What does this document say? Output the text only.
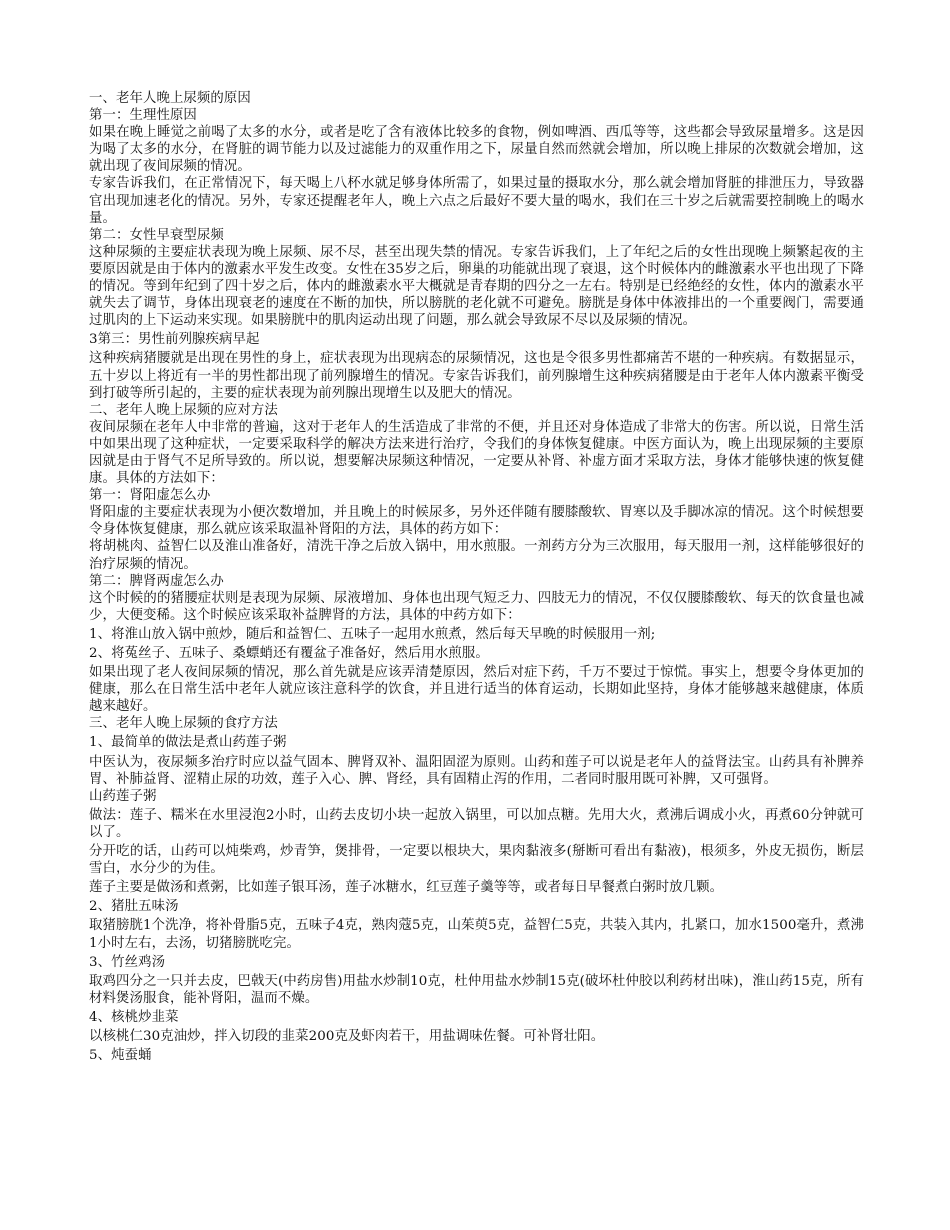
一、老年人晚上尿频的原因

第一：生理性原因

如果在晚上睡觉之前喝了太多的水分，或者是吃了含有液体比较多的食物，例如啤酒、西瓜等等，这些都会导致尿量增多。这是因为喝了太多的水分，在肾脏的调节能力以及过滤能力的双重作用之下，尿量自然而然就会增加，所以晚上排尿的次数就会增加，这就出现了夜间尿频的情况。

专家告诉我们，在正常情况下，每天喝上八杯水就足够身体所需了，如果过量的摄取水分，那么就会增加肾脏的排泄压力，导致器官出现加速老化的情况。另外，专家还提醒老年人，晚上六点之后最好不要大量的喝水，我们在三十岁之后就需要控制晚上的喝水量。

第二：女性早衰型尿频

这种尿频的主要症状表现为晚上尿频、尿不尽，甚至出现失禁的情况。专家告诉我们，上了年纪之后的女性出现晚上频繁起夜的主要原因就是由于体内的激素水平发生改变。女性在35岁之后，卵巢的功能就出现了衰退，这个时候体内的雌激素水平也出现了下降的情况。等到年纪到了四十岁之后，体内的雌激素水平大概就是青春期的四分之一左右。特别是已经绝经的女性，体内的激素水平就失去了调节，身体出现衰老的速度在不断的加快，所以膀胱的老化就不可避免。膀胱是身体中体液排出的一个重要阀门，需要通过肌肉的上下运动来实现。如果膀胱中的肌肉运动出现了问题，那么就会导致尿不尽以及尿频的情况。

3第三：男性前列腺疾病早起

这种疾病猪腰就是出现在男性的身上，症状表现为出现病态的尿频情况，这也是令很多男性都痛苦不堪的一种疾病。有数据显示，五十岁以上将近有一半的男性都出现了前列腺增生的情况。专家告诉我们，前列腺增生这种疾病猪腰是由于老年人体内激素平衡受到打破等所引起的，主要的症状表现为前列腺出现增生以及肥大的情况。

二、老年人晚上尿频的应对方法

夜间尿频在老年人中非常的普遍，这对于老年人的生活造成了非常的不便，并且还对身体造成了非常大的伤害。所以说，日常生活中如果出现了这种症状，一定要采取科学的解决方法来进行治疗，令我们的身体恢复健康。中医方面认为，晚上出现尿频的主要原因就是由于肾气不足所导致的。所以说，想要解决尿频这种情况，一定要从补肾、补虚方面才采取方法，身体才能够快速的恢复健康。具体的方法如下：

第一：肾阳虚怎么办

肾阳虚的主要症状表现为小便次数增加，并且晚上的时候尿多，另外还伴随有腰膝酸软、胃寒以及手脚冰凉的情况。这个时候想要令身体恢复健康，那么就应该采取温补肾阳的方法，具体的药方如下：

将胡桃肉、益智仁以及淮山准备好，清洗干净之后放入锅中，用水煎服。一剂药方分为三次服用，每天服用一剂，这样能够很好的治疗尿频的情况。

第二：脾肾两虚怎么办

这个时候的的猪腰症状则是表现为尿频、尿液增加、身体也出现气短乏力、四肢无力的情况，不仅仅腰膝酸软、每天的饮食量也减少，大便变稀。这个时候应该采取补益脾肾的方法，具体的中药方如下：

1、将淮山放入锅中煎炒，随后和益智仁、五味子一起用水煎煮，然后每天早晚的时候服用一剂;

2、将菟丝子、五味子、桑螵蛸还有覆盆子准备好，然后用水煎服。

如果出现了老人夜间尿频的情况，那么首先就是应该弄清楚原因，然后对症下药，千万不要过于惊慌。事实上，想要令身体更加的健康，那么在日常生活中老年人就应该注意科学的饮食，并且进行适当的体育运动，长期如此坚持，身体才能够越来越健康，体质越来越好。

三、老年人晚上尿频的食疗方法

1、最简单的做法是煮山药莲子粥

中医认为，夜尿频多治疗时应以益气固本、脾肾双补、温阳固涩为原则。山药和莲子可以说是老年人的益肾法宝。山药具有补脾养胃、补肺益肾、涩精止尿的功效，莲子入心、脾、肾经，具有固精止泻的作用，二者同时服用既可补脾，又可强肾。

山药莲子粥

做法：莲子、糯米在水里浸泡2小时，山药去皮切小块一起放入锅里，可以加点糖。先用大火，煮沸后调成小火，再煮60分钟就可以了。

分开吃的话，山药可以炖柴鸡，炒青笋，煲排骨，一定要以根块大，果肉黏液多(掰断可看出有黏液)，根须多，外皮无损伤，断层雪白，水分少的为佳。

莲子主要是做汤和煮粥，比如莲子银耳汤，莲子冰糖水，红豆莲子羹等等，或者每日早餐煮白粥时放几颗。

2、猪肚五味汤

取猪膀胱1个洗净，将补骨脂5克，五味子4克，熟肉蔻5克，山茱萸5克，益智仁5克，共装入其内，扎紧口，加水1500毫升，煮沸1小时左右，去汤，切猪膀胱吃完。

3、竹丝鸡汤

取鸡四分之一只并去皮，巴戟天(中药房售)用盐水炒制10克，杜仲用盐水炒制15克(破坏杜仲胶以利药材出味)，淮山药15克，所有材料煲汤服食，能补肾阳，温而不燥。

4、核桃炒韭菜

以核桃仁30克油炒，拌入切段的韭菜200克及虾肉若干，用盐调味佐餐。可补肾壮阳。

5、炖蚕蛹
